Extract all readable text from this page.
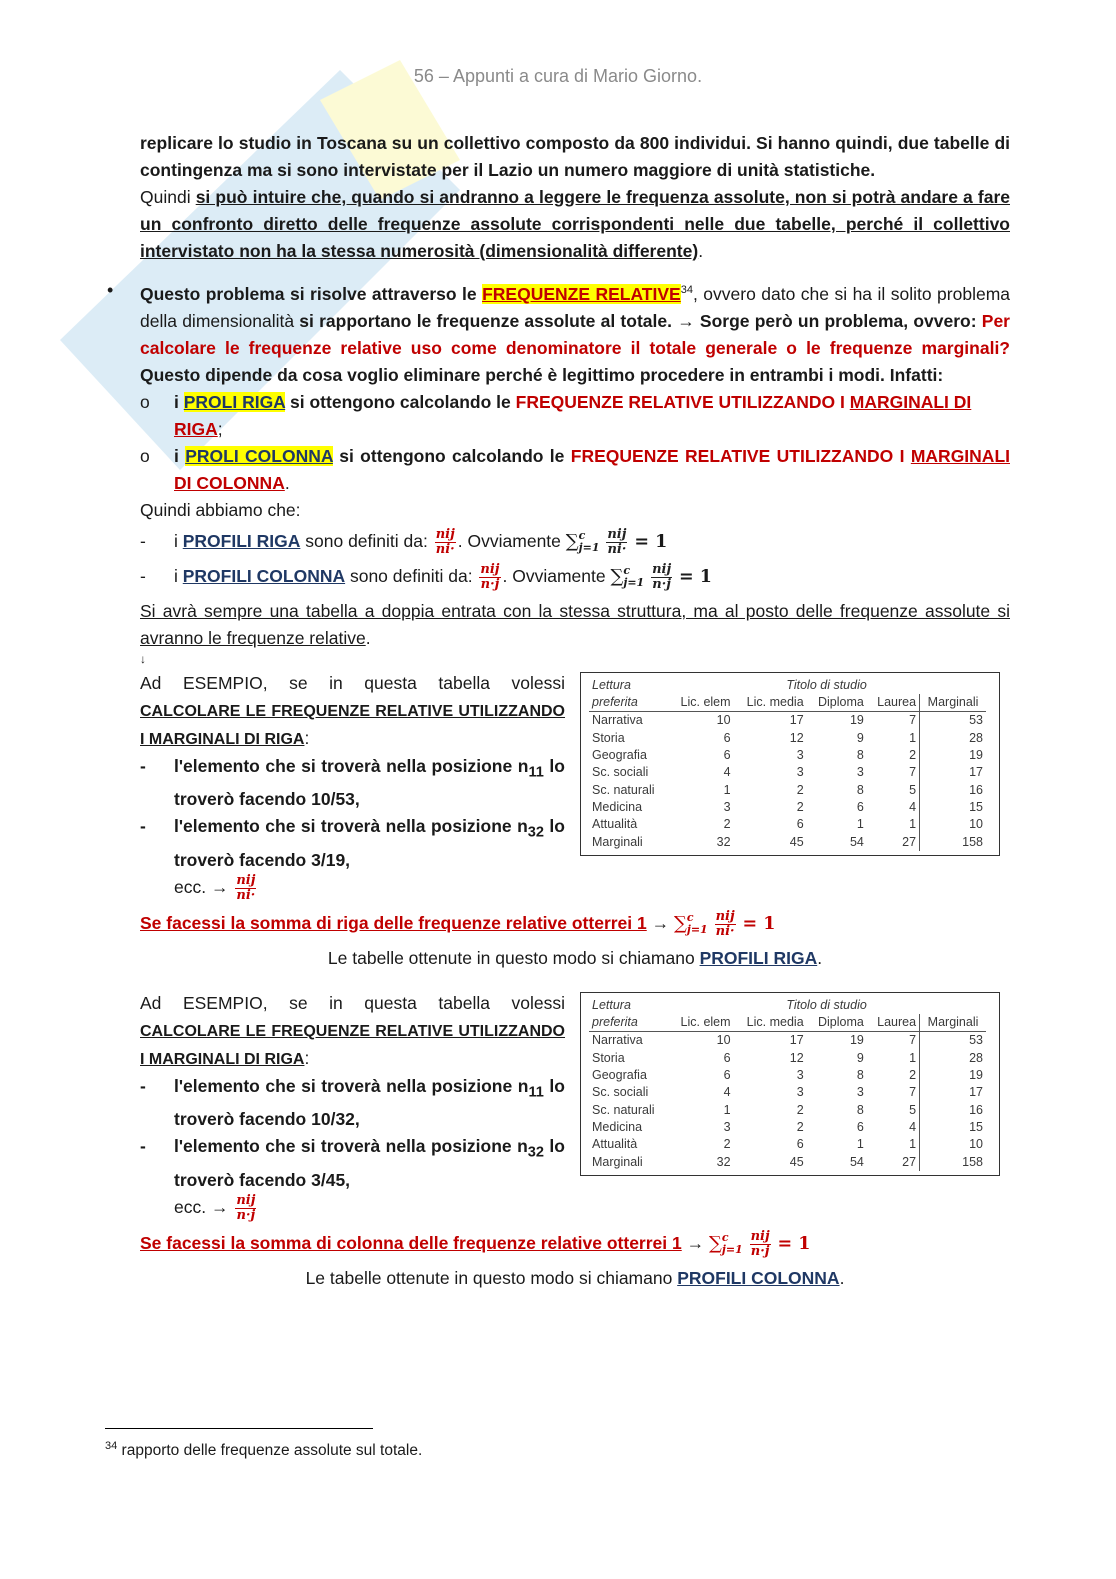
56 – Appunti a cura di Mario Giorno.

replicare lo studio in Toscana su un collettivo composto da 800 individui. Si hanno quindi, due tabelle di contingenza ma si sono intervistate per il Lazio un numero maggiore di unità statistiche.
Quindi si può intuire che, quando si andranno a leggere le frequenza assolute, non si potrà andare a fare un confronto diretto delle frequenze assolute corrispondenti nelle due tabelle, perché il collettivo intervistato non ha la stessa numerosità (dimensionalità differente).

• Questo problema si risolve attraverso le FREQUENZE RELATIVE$^{34}$, ovvero dato che si ha il solito problema della dimensionalità si rapportano le frequenze assolute al totale. → Sorge però un problema, ovvero: Per calcolare le frequenze relative uso come denominatore il totale generale o le frequenze marginali? Questo dipende da cosa voglio eliminare perché è legittimo procedere in entrambi i modi. Infatti:
o i PROLI RIGA si ottengono calcolando le FREQUENZE RELATIVE UTILIZZANDO I MARGINALI DI RIGA;
o i PROLI COLONNA si ottengono calcolando le FREQUENZE RELATIVE UTILIZZANDO I MARGINALI DI COLONNA.

Quindi abbiamo che:

- i PROFILI RIGA sono definiti da: $\frac{\text{nij}}{ni\cdot}$ . Ovviamente ∑c
$j=1 \frac{\text{nij}}{ni\cdot} = 1$
- i PROFILI COLONNA sono definiti da: $\frac{\text{nij}}{n\cdot j}$ . Ovviamente ∑c
$j=1 \frac{\text{nij}}{n\cdot j} = 1$

Si avrà sempre una tabella a doppia entrata con la stessa struttura, ma al posto delle frequenze assolute si avranno le frequenze relative.

↓

Ad ESEMPIO, se in questa tabella volessi CALCOLARE LE FREQUENZE RELATIVE UTILIZZANDO I MARGINALI DI RIGA:

- l'elemento che si troverà nella posizione $n_{11}$ lo troverò facendo 10/53,
- l'elemento che si troverà nella posizione $n_{32}$ lo troverò facendo 3/19,
ecc. → $\frac{\text{nij}}{ni\cdot}$
Lettura		Titolo di studio				
preferita	Lic. elem	Lic. media	Diploma	Laurea	Marginali	
Narrativa	10	17	19	7	53	
Storia	6	12	9	1	28	
Geografia	6	3	8	2	19	
Sc. sociali	4	3	3	7	17	
Sc. naturali	1	2	8	5	16	
Medicina	3	2	6	4	15	
Attualità	2	6	1	1	10	
Marginali	32	45	54	27	158	

Se facessi la somma di riga delle frequenze relative otterrei 1 → ∑c
$j=1 \frac{\text{nij}}{ni\cdot} = 1$

Le tabelle ottenute in questo modo si chiamano PROFILI RIGA.

Ad ESEMPIO, se in questa tabella volessi CALCOLARE LE FREQUENZE RELATIVE UTILIZZANDO I MARGINALI DI RIGA:

- l'elemento che si troverà nella posizione $n_{11}$ lo troverò facendo 10/32,
- l'elemento che si troverà nella posizione $n_{32}$ lo troverò facendo 3/45,
ecc. → $\frac{\text{nij}}{n\cdot j}$
Lettura		Titolo di studio				
preferita	Lic. elem	Lic. media	Diploma	Laurea	Marginali	
Narrativa	10	17	19	7	53	
Storia	6	12	9	1	28	
Geografia	6	3	8	2	19	
Sc. sociali	4	3	3	7	17	
Sc. naturali	1	2	8	5	16	
Medicina	3	2	6	4	15	
Attualità	2	6	1	1	10	
Marginali	32	45	54	27	158	

Se facessi la somma di colonna delle frequenze relative otterrei 1 → ∑c
$j=1 \frac{\text{nij}}{n\cdot j} = 1$

Le tabelle ottenute in questo modo si chiamano PROFILI COLONNA.

$^{34}$ rapporto delle frequenze assolute sul totale.
